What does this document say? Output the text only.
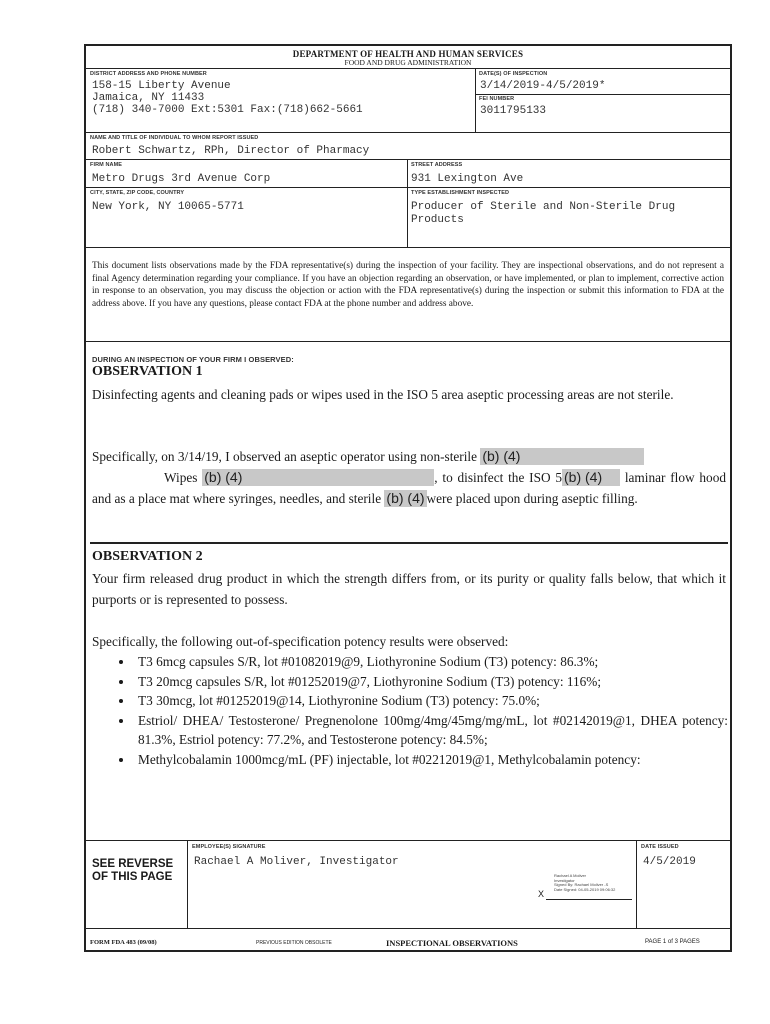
DEPARTMENT OF HEALTH AND HUMAN SERVICES
FOOD AND DRUG ADMINISTRATION
DISTRICT ADDRESS AND PHONE NUMBER
158-15 Liberty Avenue
Jamaica, NY 11433
(718) 340-7000 Ext:5301 Fax:(718)662-5661
DATE(S) OF INSPECTION
3/14/2019-4/5/2019*
FEI NUMBER
3011795133
NAME AND TITLE OF INDIVIDUAL TO WHOM REPORT ISSUED
Robert Schwartz, RPh, Director of Pharmacy
FIRM NAME
Metro Drugs 3rd Avenue Corp
STREET ADDRESS
931 Lexington Ave
CITY, STATE, ZIP CODE, COUNTRY
New York, NY 10065-5771
TYPE ESTABLISHMENT INSPECTED
Producer of Sterile and Non-Sterile Drug
Products
This document lists observations made by the FDA representative(s) during the inspection of your facility. They are inspectional observations, and do not represent a final Agency determination regarding your compliance. If you have an objection regarding an observation, or have implemented, or plan to implement, corrective action in response to an observation, you may discuss the objection or action with the FDA representative(s) during the inspection or submit this information to FDA at the address above. If you have any questions, please contact FDA at the phone number and address above.
DURING AN INSPECTION OF YOUR FIRM I OBSERVED:
OBSERVATION 1
Disinfecting agents and cleaning pads or wipes used in the ISO 5 area aseptic processing areas are not sterile.
Specifically, on 3/14/19, I observed an aseptic operator using non-sterile (b) (4)
Wipes (b) (4)	, to disinfect the ISO 5 (b) (4) laminar flow hood and as a place mat where syringes, needles, and sterile (b) (4) were placed upon during aseptic filling.
OBSERVATION 2
Your firm released drug product in which the strength differs from, or its purity or quality falls below, that which it purports or is represented to possess.
Specifically, the following out-of-specification potency results were observed:
• T3 6mcg capsules S/R, lot #01082019@9, Liothyronine Sodium (T3) potency: 86.3%;
• T3 20mcg capsules S/R, lot #01252019@7, Liothyronine Sodium (T3) potency: 116%;
• T3 30mcg, lot #01252019@14, Liothyronine Sodium (T3) potency: 75.0%;
• Estriol/ DHEA/ Testosterone/ Pregnenolone 100mg/4mg/45mg/mg/mL, lot #02142019@1, DHEA potency: 81.3%, Estriol potency: 77.2%, and Testosterone potency: 84.5%;
• Methylcobalamin 1000mcg/mL (PF) injectable, lot #02212019@1, Methylcobalamin potency:
SEE REVERSE
OF THIS PAGE
EMPLOYEE(S) SIGNATURE
Rachael A Moliver, Investigator
DATE ISSUED
4/5/2019
Rachael A Moliver
Investigator
Signed By: Rachael Moliver -S
Date Signed: 04-05-2019 09:06:32
X
FORM FDA 483 (09/08)	PREVIOUS EDITION OBSOLETE	INSPECTIONAL OBSERVATIONS	PAGE 1 of 3 PAGES
